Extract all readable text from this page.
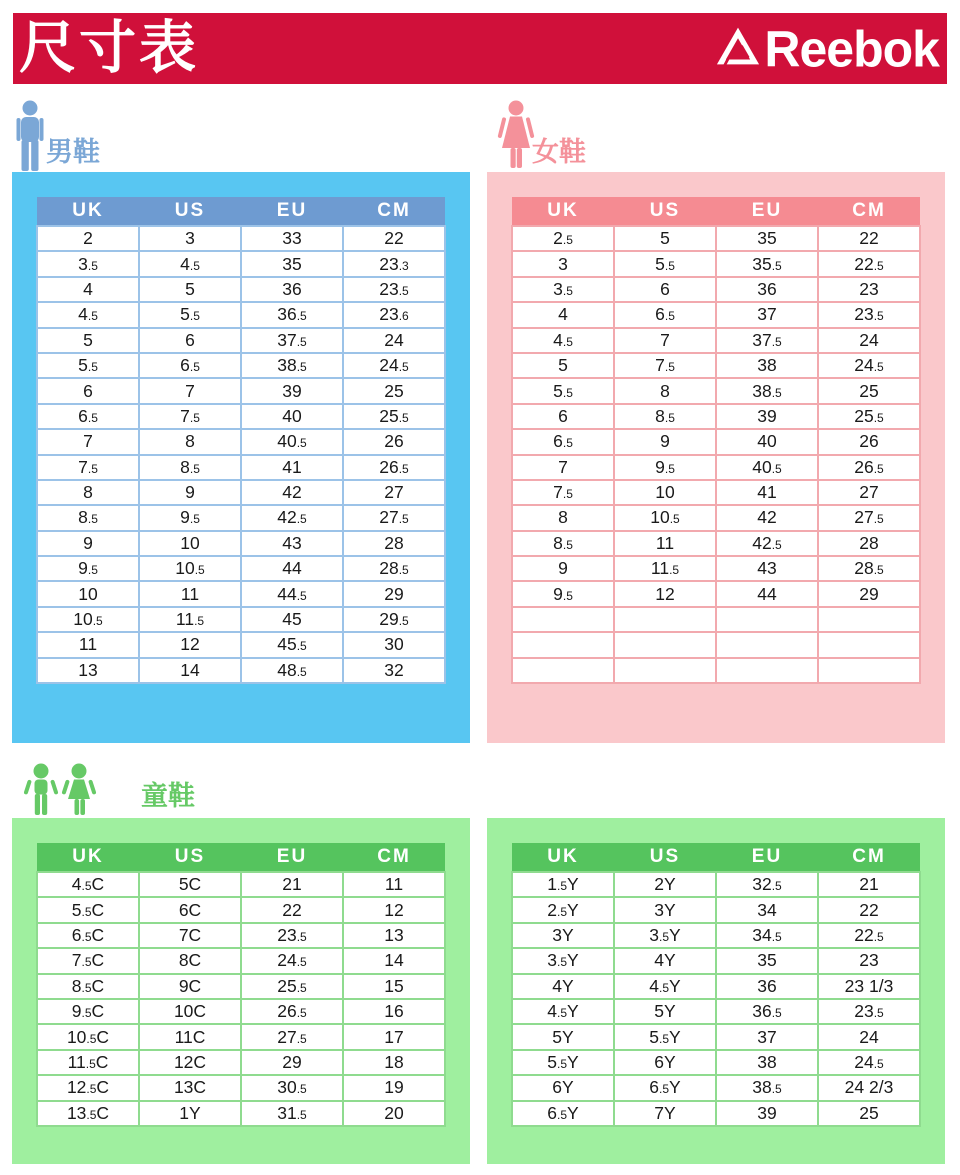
尺寸表	Reebok
男鞋
UK	US	EU	CM
2	3	33	22
3.5	4.5	35	23.3
4	5	36	23.5
4.5	5.5	36.5	23.6
5	6	37.5	24
5.5	6.5	38.5	24.5
6	7	39	25
6.5	7.5	40	25.5
7	8	40.5	26
7.5	8.5	41	26.5
8	9	42	27
8.5	9.5	42.5	27.5
9	10	43	28
9.5	10.5	44	28.5
10	11	44.5	29
10.5	11.5	45	29.5
11	12	45.5	30
13	14	48.5	32
女鞋
UK	US	EU	CM
2.5	5	35	22
3	5.5	35.5	22.5
3.5	6	36	23
4	6.5	37	23.5
4.5	7	37.5	24
5	7.5	38	24.5
5.5	8	38.5	25
6	8.5	39	25.5
6.5	9	40	26
7	9.5	40.5	26.5
7.5	10	41	27
8	10.5	42	27.5
8.5	11	42.5	28
9	11.5	43	28.5
9.5	12	44	29

童鞋
UK	US	EU	CM
4.5C	5C	21	11
5.5C	6C	22	12
6.5C	7C	23.5	13
7.5C	8C	24.5	14
8.5C	9C	25.5	15
9.5C	10C	26.5	16
10.5C	11C	27.5	17
11.5C	12C	29	18
12.5C	13C	30.5	19
13.5C	1Y	31.5	20
UK	US	EU	CM
1.5Y	2Y	32.5	21
2.5Y	3Y	34	22
3Y	3.5Y	34.5	22.5
3.5Y	4Y	35	23
4Y	4.5Y	36	23 1/3
4.5Y	5Y	36.5	23.5
5Y	5.5Y	37	24
5.5Y	6Y	38	24.5
6Y	6.5Y	38.5	24 2/3
6.5Y	7Y	39	25
